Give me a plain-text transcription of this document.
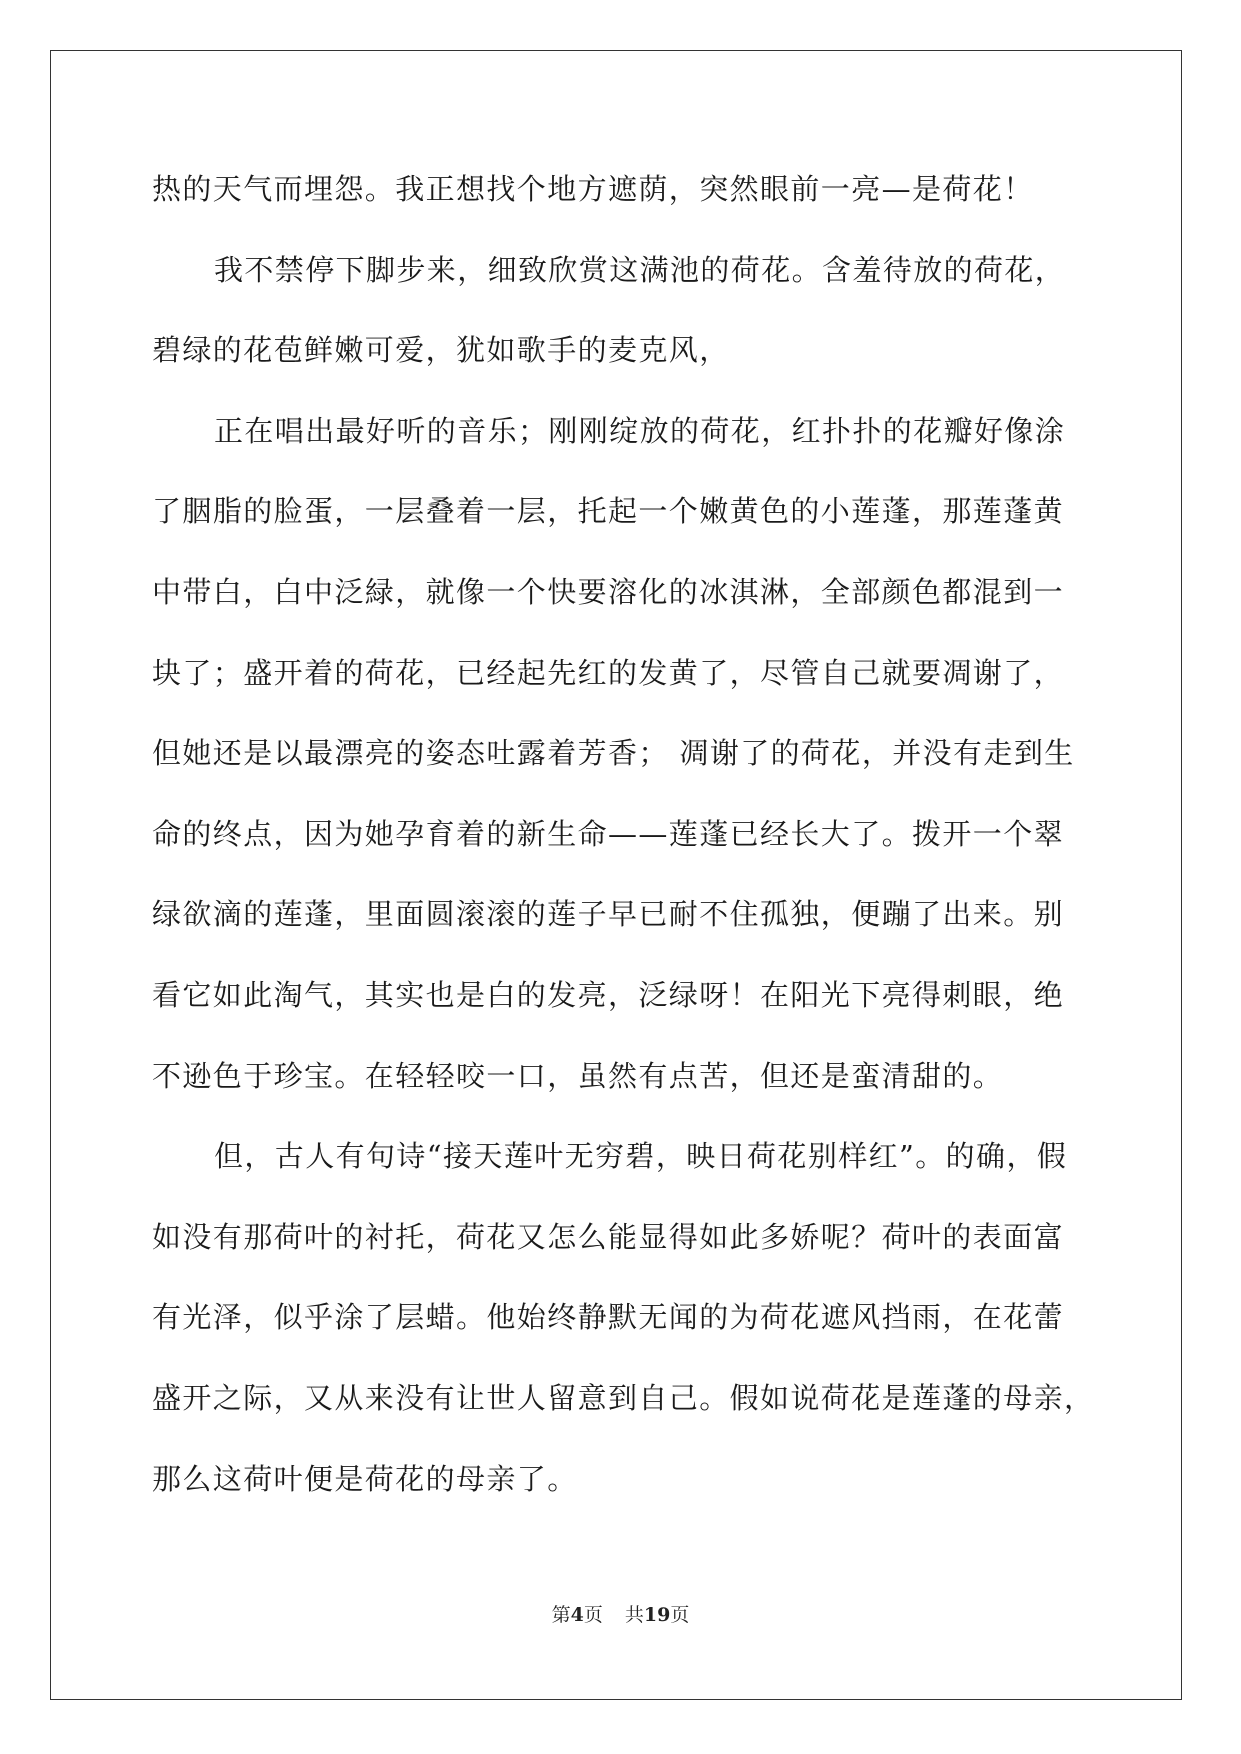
热的天气而埋怨。我正想找个地方遮荫，突然眼前一亮—是荷花！
我不禁停下脚步来，细致欣赏这满池的荷花。含羞待放的荷花，
碧绿的花苞鲜嫩可爱，犹如歌手的麦克风，
正在唱出最好听的音乐；刚刚绽放的荷花，红扑扑的花瓣好像涂
了胭脂的脸蛋，一层叠着一层，托起一个嫩黄色的小莲蓬，那莲蓬黄
中带白，白中泛緑，就像一个快要溶化的冰淇淋，全部颜色都混到一
块了；盛开着的荷花，已经起先红的发黄了，尽管自己就要凋谢了，
但她还是以最漂亮的姿态吐露着芳香； 凋谢了的荷花，并没有走到生
命的终点，因为她孕育着的新生命——莲蓬已经长大了。拨开一个翠
绿欲滴的莲蓬，里面圆滚滚的莲子早已耐不住孤独，便蹦了出来。别
看它如此淘气，其实也是白的发亮，泛绿呀！在阳光下亮得刺眼，绝
不逊色于珍宝。在轻轻咬一口，虽然有点苦，但还是蛮清甜的。
但，古人有句诗“接天莲叶无穷碧，映日荷花别样红”。的确，假
如没有那荷叶的衬托，荷花又怎么能显得如此多娇呢？荷叶的表面富
有光泽，似乎涂了层蜡。他始终静默无闻的为荷花遮风挡雨，在花蕾
盛开之际，又从来没有让世人留意到自己。假如说荷花是莲蓬的母亲，
那么这荷叶便是荷花的母亲了。
第4页 共19页
